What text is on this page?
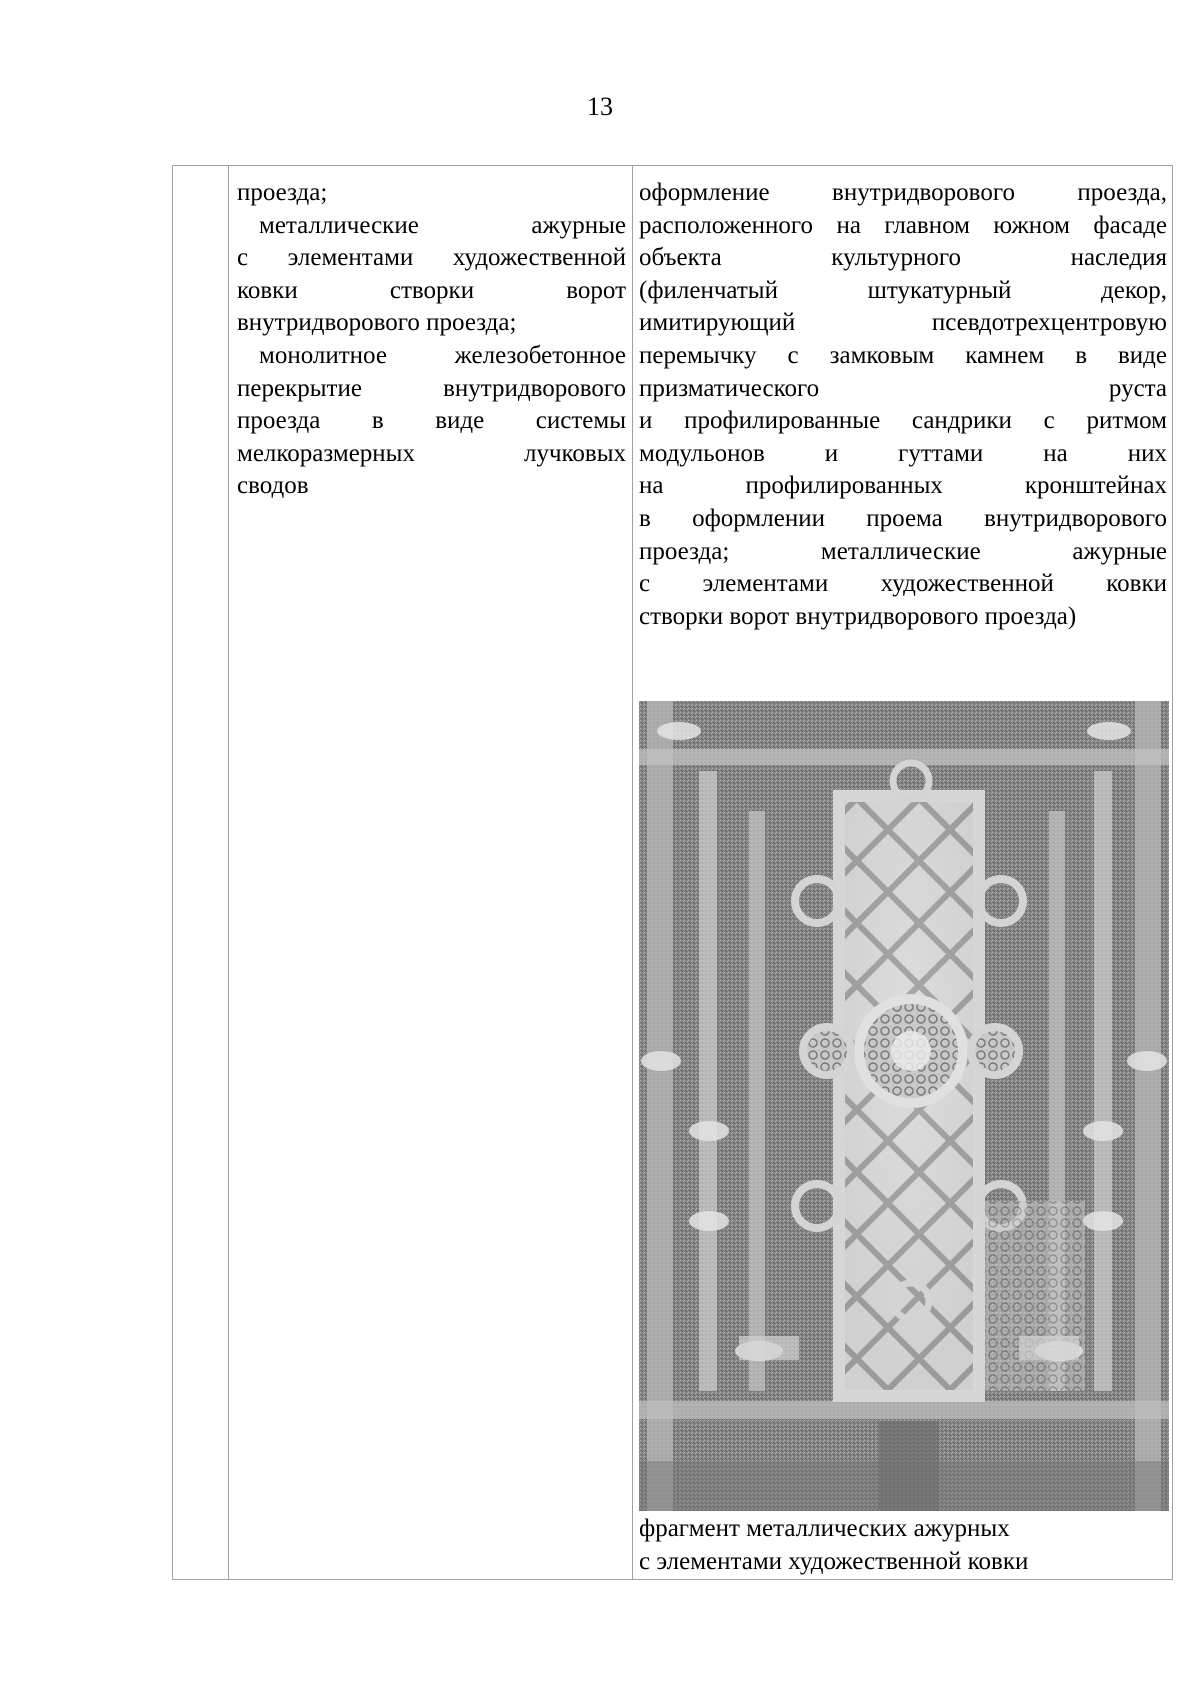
13

проезда;
металлические ажурные
с элементами художественной
ковки створки ворот
внутридворового проезда;
монолитное железобетонное
перекрытие внутридворового
проезда в виде системы
мелкоразмерных лучковых
сводов

оформление внутридворового проезда,
расположенного на главном южном фасаде
объекта культурного наследия
(филенчатый штукатурный декор,
имитирующий псевдотрехцентровую
перемычку с замковым камнем в виде
призматического руста
и профилированные сандрики с ритмом
модульонов и гуттами на них
на профилированных кронштейнах
в оформлении проема внутридворового
проезда; металлические ажурные
с элементами художественной ковки
створки ворот внутридворового проезда)
фрагмент металлических ажурных
с элементами художественной ковки
